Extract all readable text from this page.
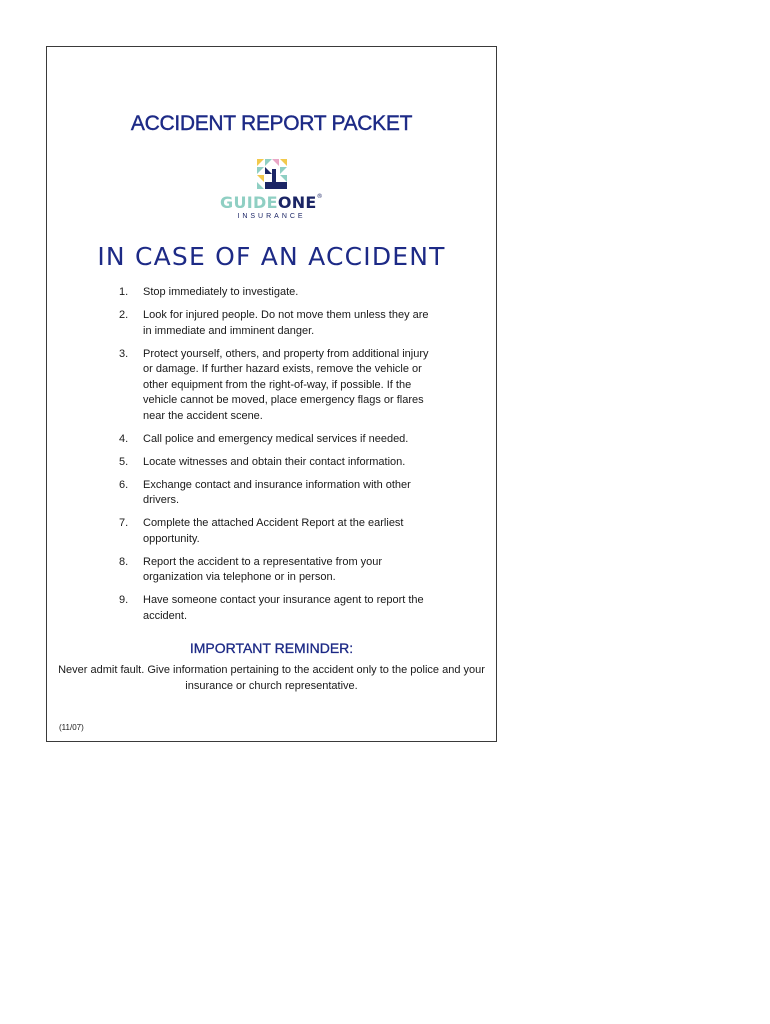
ACCIDENT REPORT PACKET
GUIDEONE®
INSURANCE
IN CASE OF AN ACCIDENT
1. Stop immediately to investigate.
2. Look for injured people. Do not move them unless they are in immediate and imminent danger.
3. Protect yourself, others, and property from additional injury or damage. If further hazard exists, remove the vehicle or other equipment from the right-of-way, if possible. If the vehicle cannot be moved, place emergency flags or flares near the accident scene.
4. Call police and emergency medical services if needed.
5. Locate witnesses and obtain their contact information.
6. Exchange contact and insurance information with other drivers.
7. Complete the attached Accident Report at the earliest opportunity.
8. Report the accident to a representative from your organization via telephone or in person.
9. Have someone contact your insurance agent to report the accident.
IMPORTANT REMINDER:
Never admit fault. Give information pertaining to the accident only to the police and your insurance or church representative.
(11/07)
